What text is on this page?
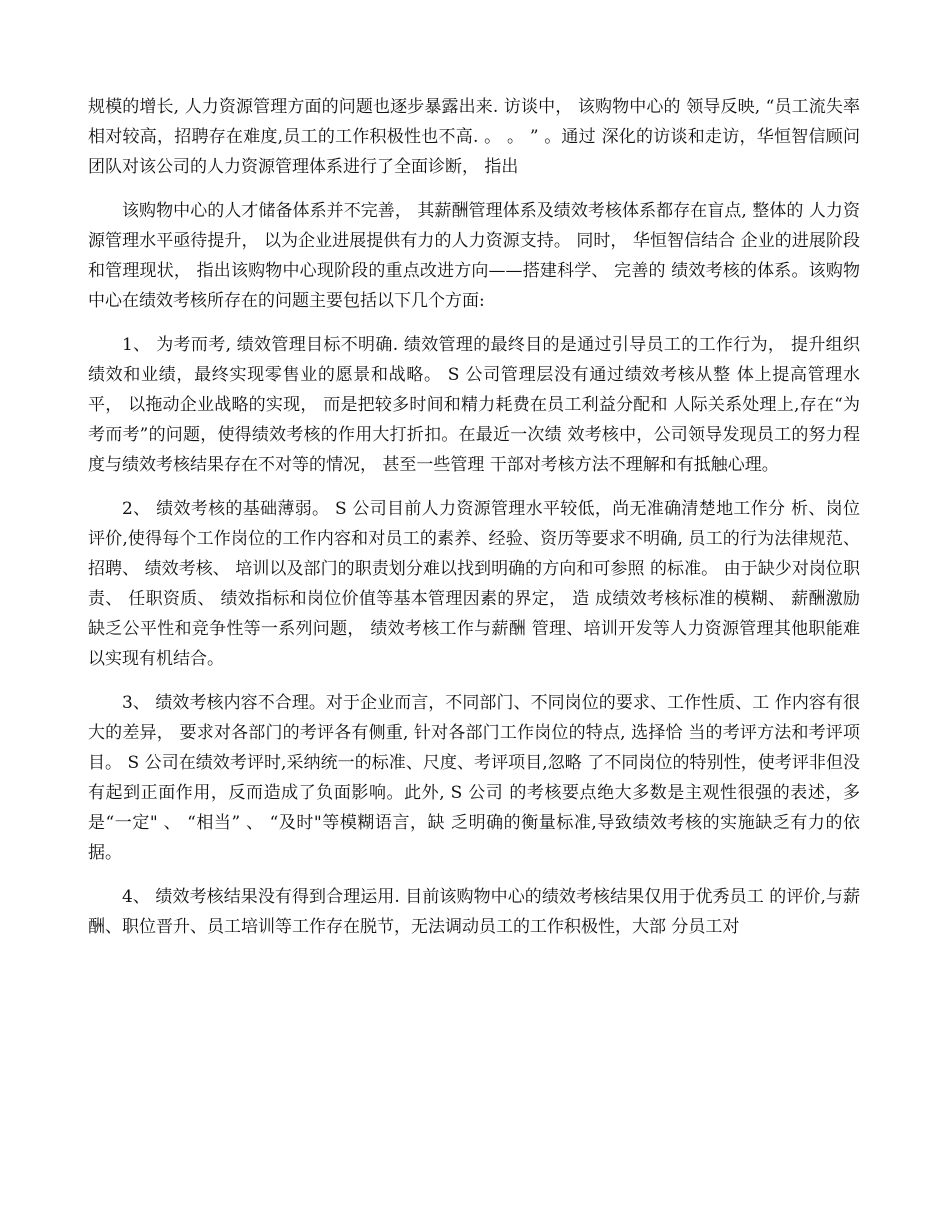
规模的增长, 人力资源管理方面的问题也逐步暴露出来. 访谈中， 该购物中心的 领导反映, “员工流失率相对较高，招聘存在难度,员工的工作积极性也不高. 。 。 ” 。通过 深化的访谈和走访，华恒智信顾问团队对该公司的人力资源管理体系进行了全面诊断， 指出

该购物中心的人才储备体系并不完善， 其薪酬管理体系及绩效考核体系都存在盲点, 整体的 人力资源管理水平亟待提升， 以为企业进展提供有力的人力资源支持。 同时， 华恒智信结合 企业的进展阶段和管理现状， 指出该购物中心现阶段的重点改进方向——搭建科学、 完善的 绩效考核的体系。该购物中心在绩效考核所存在的问题主要包括以下几个方面:

1、 为考而考, 绩效管理目标不明确. 绩效管理的最终目的是通过引导员工的工作行为， 提升组织绩效和业绩，最终实现零售业的愿景和战略。 S 公司管理层没有通过绩效考核从整 体上提高管理水平， 以拖动企业战略的实现， 而是把较多时间和精力耗费在员工利益分配和 人际关系处理上,存在“为考而考”的问题，使得绩效考核的作用大打折扣。在最近一次绩 效考核中，公司领导发现员工的努力程度与绩效考核结果存在不对等的情况， 甚至一些管理 干部对考核方法不理解和有抵触心理。

2、 绩效考核的基础薄弱。 S 公司目前人力资源管理水平较低，尚无准确清楚地工作分 析、岗位评价,使得每个工作岗位的工作内容和对员工的素养、经验、资历等要求不明确, 员工的行为法律规范、 招聘、 绩效考核、 培训以及部门的职责划分难以找到明确的方向和可参照 的标准。 由于缺少对岗位职责、 任职资质、 绩效指标和岗位价值等基本管理因素的界定， 造 成绩效考核标准的模糊、 薪酬激励缺乏公平性和竞争性等一系列问题， 绩效考核工作与薪酬 管理、培训开发等人力资源管理其他职能难以实现有机结合。

3、 绩效考核内容不合理。对于企业而言，不同部门、不同岗位的要求、工作性质、工 作内容有很大的差异， 要求对各部门的考评各有侧重, 针对各部门工作岗位的特点, 选择恰 当的考评方法和考评项目。 S 公司在绩效考评时,采纳统一的标准、尺度、考评项目,忽略 了不同岗位的特别性，使考评非但没有起到正面作用，反而造成了负面影响。此外, S 公司 的考核要点绝大多数是主观性很强的表述，多是“一定" 、 “相当” 、 “及时"等模糊语言，缺 乏明确的衡量标准,导致绩效考核的实施缺乏有力的依据。

4、 绩效考核结果没有得到合理运用. 目前该购物中心的绩效考核结果仅用于优秀员工 的评价,与薪酬、职位晋升、员工培训等工作存在脱节，无法调动员工的工作积极性，大部 分员工对
